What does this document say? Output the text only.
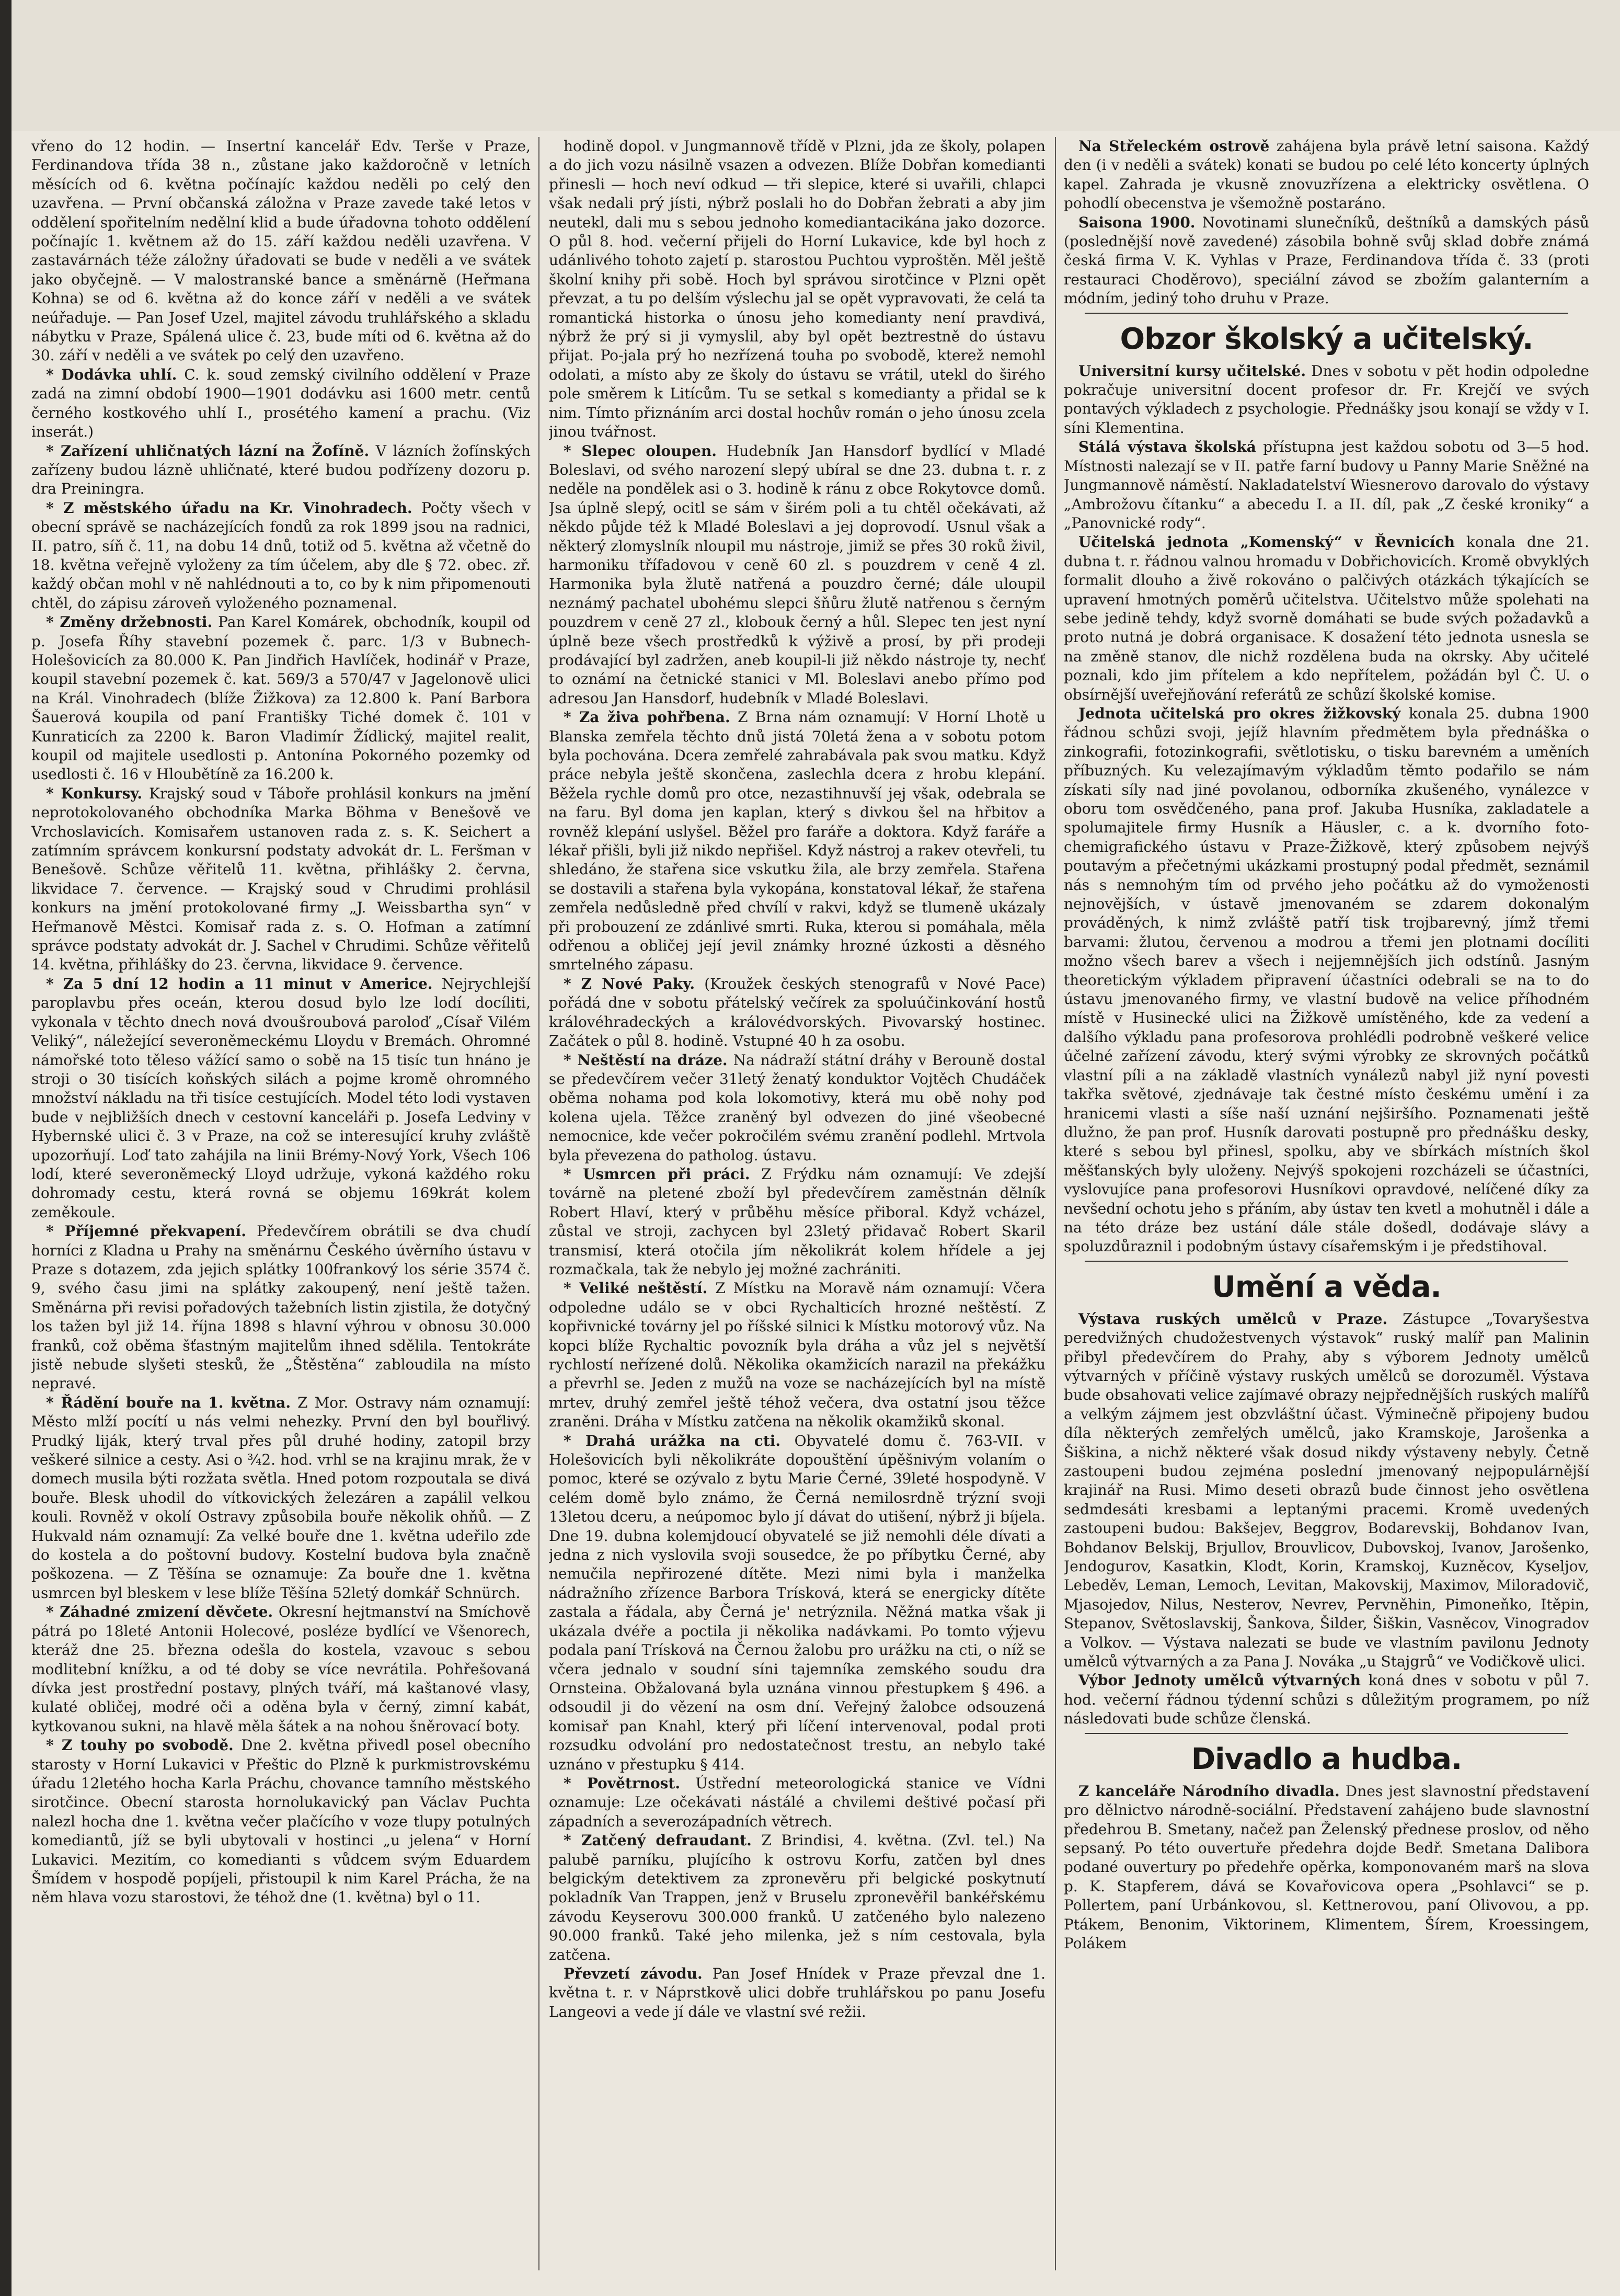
vřeno do 12 hodin. — Insertní kancelář Edv. Terše v Praze, Ferdinandova třída 38 n., zůstane jako každoročně v letních měsících od 6. května počínajíc každou neděli po celý den uzavřena. — První občanská záložna v Praze zavede také letos v oddělení spořitelním nedělní klid a bude úřadovna tohoto oddělení počínajíc 1. květnem až do 15. září každou neděli uzavřena. V zastavárnách téže záložny úřadovati se bude v neděli a ve svátek jako obyčejně. — V malostranské bance a směnárně (Heřmana Kohna) se od 6. května až do konce září v neděli a ve svátek neúřaduje. — Pan Josef Uzel, majitel závodu truhlářského a skladu nábytku v Praze, Spálená ulice č. 23, bude míti od 6. května až do 30. září v neděli a ve svátek po celý den uzavřeno.

* Dodávka uhlí. C. k. soud zemský civilního oddělení v Praze zadá na zimní období 1900—1901 dodávku asi 1600 metr. centů černého kostkového uhlí I., prosétého kamení a prachu. (Viz inserát.)

* Zařízení uhličnatých lázní na Žofíně. V lázních žofínských zařízeny budou lázně uhličnaté, které budou podřízeny dozoru p. dra Preiningra.

* Z městského úřadu na Kr. Vinohradech. Počty všech v obecní správě se nacházejících fondů za rok 1899 jsou na radnici, II. patro, síň č. 11, na dobu 14 dnů, totiž od 5. května až včetně do 18. května veřejně vyloženy za tím účelem, aby dle § 72. obec. zř. každý občan mohl v ně nahlédnouti a to, co by k nim připomenouti chtěl, do zápisu zároveň vyloženého poznamenal.

* Změny držebnosti. Pan Karel Komárek, obchodník, koupil od p. Josefa Říhy stavební pozemek č. parc. 1/3 v Bubnech-Holešovicích za 80.000 K. Pan Jindřich Havlíček, hodinář v Praze, koupil stavební pozemek č. kat. 569/3 a 570/47 v Jagelonově ulici na Král. Vinohradech (blíže Žižkova) za 12.800 k. Paní Barbora Šauerová koupila od paní Františky Tiché domek č. 101 v Kunraticích za 2200 k. Baron Vladimír Žídlický, majitel realit, koupil od majitele usedlosti p. Antonína Pokorného pozemky od usedlosti č. 16 v Hloubětíně za 16.200 k.

* Konkursy. Krajský soud v Táboře prohlásil konkurs na jmění neprotokolovaného obchodníka Marka Böhma v Benešově ve Vrchoslavicích. Komisařem ustanoven rada z. s. K. Seichert a zatímním správcem konkursní podstaty advokát dr. L. Feršman v Benešově. Schůze věřitelů 11. května, přihlášky 2. června, likvidace 7. července. — Krajský soud v Chrudimi prohlásil konkurs na jmění protokolované firmy „J. Weissbartha syn“ v Heřmanově Městci. Komisař rada z. s. O. Hofman a zatímní správce podstaty advokát dr. J. Sachel v Chrudimi. Schůze věřitelů 14. května, přihlášky do 23. června, likvidace 9. července.

* Za 5 dní 12 hodin a 11 minut v Americe. Nejrychlejší paroplavbu přes oceán, kterou dosud bylo lze lodí docíliti, vykonala v těchto dnech nová dvoušroubová paroloď „Císař Vilém Veliký“, náležející severoněmeckému Lloydu v Bremách. Ohromné námořské toto těleso vážící samo o sobě na 15 tisíc tun hnáno je stroji o 30 tisících koňských silách a pojme kromě ohromného množství nákladu na tři tisíce cestujících. Model této lodi vystaven bude v nejbližších dnech v cestovní kanceláři p. Josefa Ledviny v Hybernské ulici č. 3 v Praze, na což se interesující kruhy zvláště upozorňují. Loď tato zahájila na linii Brémy-Nový York, Všech 106 lodí, které severoněmecký Lloyd udržuje, vykoná každého roku dohromady cestu, která rovná se objemu 169krát kolem zeměkoule.

* Příjemné překvapení. Předevčírem obrátili se dva chudí horníci z Kladna u Prahy na směnárnu Českého úvěrního ústavu v Praze s dotazem, zda jejich splátky 100frankový los série 3574 č. 9, svého času jimi na splátky zakoupený, není ještě tažen. Směnárna při revisi pořadových tažebních listin zjistila, že dotyčný los tažen byl již 14. října 1898 s hlavní výhrou v obnosu 30.000 franků, což oběma šťastným majitelům ihned sdělila. Tentokráte jistě nebude slyšeti stesků, že „Štěstěna“ zabloudila na místo nepravé.

* Řádění bouře na 1. května. Z Mor. Ostravy nám oznamují: Město mlží pocítí u nás velmi nehezky. První den byl bouřlivý. Prudký liják, který trval přes půl druhé hodiny, zatopil brzy veškeré silnice a cesty. Asi o ¾2. hod. vrhl se na krajinu mrak, že v domech musila býti rozžata světla. Hned potom rozpoutala se divá bouře. Blesk uhodil do vítkovických železáren a zapálil velkou kouli. Rovněž v okolí Ostravy způsobila bouře několik ohňů. — Z Hukvald nám oznamují: Za velké bouře dne 1. května udeřilo zde do kostela a do poštovní budovy. Kostelní budova byla značně poškozena. — Z Těšína se oznamuje: Za bouře dne 1. května usmrcen byl bleskem v lese blíže Těšína 52letý domkář Schnürch.

* Záhadné zmizení děvčete. Okresní hejtmanství na Smíchově pátrá po 18leté Antonii Holecové, posléze bydlící ve Všenorech, kteráž dne 25. března odešla do kostela, vzavouc s sebou modlitební knížku, a od té doby se více nevrátila. Pohřešovaná dívka jest prostřední postavy, plných tváří, má kaštanové vlasy, kulaté obličej, modré oči a oděna byla v černý, zimní kabát, kytkovanou sukni, na hlavě měla šátek a na nohou šněrovací boty.

* Z touhy po svobodě. Dne 2. května přivedl posel obecního starosty v Horní Lukavici v Přeštic do Plzně k purkmistrovskému úřadu 12letého hocha Karla Práchu, chovance tamního městského sirotčince. Obecní starosta hornolukavický pan Václav Puchta nalezl hocha dne 1. května večer plačícího v voze tlupy potulných komediantů, jíž se byli ubytovali v hostinci „u jelena“ v Horní Lukavici. Mezitím, co komedianti s vůdcem svým Eduardem Šmídem v hospodě popíjeli, přistoupil k nim Karel Prácha, že na něm hlava vozu starostovi, že téhož dne (1. května) byl o 11.

hodině dopol. v Jungmannově třídě v Plzni, jda ze školy, polapen a do jich vozu násilně vsazen a odvezen. Blíže Dobřan komedianti přinesli — hoch neví odkud — tři slepice, které si uvařili, chlapci však nedali prý jísti, nýbrž poslali ho do Dobřan žebrati a aby jim neutekl, dali mu s sebou jednoho komediantacikána jako dozorce. O půl 8. hod. večerní přijeli do Horní Lukavice, kde byl hoch z udánlivého tohoto zajetí p. starostou Puchtou vyproštěn. Měl ještě školní knihy při sobě. Hoch byl správou sirotčince v Plzni opět převzat, a tu po delším výslechu jal se opět vypravovati, že celá ta romantická historka o únosu jeho komedianty není pravdivá, nýbrž že prý si ji vymyslil, aby byl opět beztrestně do ústavu přijat. Po-jala prý ho nezřízená touha po svobodě, kterež nemohl odolati, a místo aby ze školy do ústavu se vrátil, utekl do širého pole směrem k Litícům. Tu se setkal s komedianty a přidal se k nim. Tímto přiznáním arci dostal hochův román o jeho únosu zcela jinou tvářnost.

* Slepec oloupen. Hudebník Jan Hansdorf bydlící v Mladé Boleslavi, od svého narození slepý ubíral se dne 23. dubna t. r. z neděle na pondělek asi o 3. hodině k ránu z obce Rokytovce domů. Jsa úplně slepý, ocitl se sám v širém poli a tu chtěl očekávati, až někdo půjde též k Mladé Boleslavi a jej doprovodí. Usnul však a některý zlomyslník nloupil mu nástroje, jimiž se přes 30 roků živil, harmoniku třífadovou v ceně 60 zl. s pouzdrem v ceně 4 zl. Harmonika byla žlutě natřená a pouzdro černé; dále uloupil neznámý pachatel ubohému slepci šňůru žlutě natřenou s černým pouzdrem v ceně 27 zl., klobouk černý a hůl. Slepec ten jest nyní úplně beze všech prostředků k výživě a prosí, by při prodeji prodávající byl zadržen, aneb koupil-li již někdo nástroje ty, nechť to oznámí na četnické stanici v Ml. Boleslavi anebo přímo pod adresou Jan Hansdorf, hudebník v Mladé Boleslavi.

* Za živa pohřbena. Z Brna nám oznamují: V Horní Lhotě u Blanska zemřela těchto dnů jistá 70letá žena a v sobotu potom byla pochována. Dcera zemřelé zahrabávala pak svou matku. Když práce nebyla ještě skončena, zaslechla dcera z hrobu klepání. Běžela rychle domů pro otce, nezastihnuvší jej však, odebrala se na faru. Byl doma jen kaplan, který s divkou šel na hřbitov a rovněž klepání uslyšel. Běžel pro faráře a doktora. Když faráře a lékař přišli, byli již nikdo nepřišel. Když nástroj a rakev otevřeli, tu shledáno, že stařena sice vskutku žila, ale brzy zemřela. Stařena se dostavili a stařena byla vykopána, konstatoval lékař, že stařena zemřela nedůsledně před chvílí v rakvi, když se tlumeně ukázaly při probouzení ze zdánlivé smrti. Ruka, kterou si pomáhala, měla odřenou a obličej její jevil známky hrozné úzkosti a děsného smrtelného zápasu.

* Z Nové Paky. (Kroužek českých stenografů v Nové Pace) pořádá dne v sobotu přátelský večírek za spoluúčinkování hostů královéhradeckých a královédvorských. Pivovarský hostinec. Začátek o půl 8. hodině. Vstupné 40 h za osobu.

* Neštěstí na dráze. Na nádraží státní dráhy v Berouně dostal se předevčírem večer 31letý ženatý konduktor Vojtěch Chudáček oběma nohama pod kola lokomotivy, která mu obě nohy pod kolena ujela. Těžce zraněný byl odvezen do jiné všeobecné nemocnice, kde večer pokročilém svému zranění podlehl. Mrtvola byla převezena do patholog. ústavu.

* Usmrcen při práci. Z Frýdku nám oznamují: Ve zdejší továrně na pletené zboží byl předevčírem zaměstnán dělník Robert Hlaví, který v průběhu měsíce přiboral. Když vcházel, zůstal ve stroji, zachycen byl 23letý přidavač Robert Skaril transmisí, která otočila jím několikrát kolem hřídele a jej rozmačkala, tak že nebylo jej možné zachrániti.

* Veliké neštěstí. Z Místku na Moravě nám oznamují: Včera odpoledne událo se v obci Rychalticích hrozné neštěstí. Z kopřivnické továrny jel po říšské silnici k Místku motorový vůz. Na kopci blíže Rychaltic povozník byla dráha a vůz jel s největší rychlostí neřízené dolů. Několika okamžicích narazil na překážku a převrhl se. Jeden z mužů na voze se nacházejících byl na místě mrtev, druhý zemřel ještě téhož večera, dva ostatní jsou těžce zraněni. Dráha v Místku zatčena na několik okamžiků skonal.

* Drahá urážka na cti. Obyvatelé domu č. 763-VII. v Holešovicích byli několikráte dopouštění úpěšnivým volaním o pomoc, které se ozývalo z bytu Marie Černé, 39leté hospodyně. V celém domě bylo známo, že Černá nemilosrdně trýzní svoji 13letou dceru, a neúpomoc bylo jí dávat do utišení, nýbrž ji bíjela. Dne 19. dubna kolemjdoucí obyvatelé se již nemohli déle dívati a jedna z nich vyslovila svoji sousedce, že po příbytku Černé, aby nemučila nepřirozené dítěte. Mezi nimi byla i manželka nádražního zřízence Barbora Trísková, která se energicky dítěte zastala a řádala, aby Černá je' netrýznila. Něžná matka však ji ukázala dvéře a poctila ji několika nadávkami. Po tomto výjevu podala paní Trísková na Černou žalobu pro urážku na cti, o níž se včera jednalo v soudní síni tajemníka zemského soudu dra Ornsteina. Obžalovaná byla uznána vinnou přestupkem § 496. a odsoudil ji do vězení na osm dní. Veřejný žalobce odsouzená komisař pan Knahl, který při líčení intervenoval, podal proti rozsudku odvolání pro nedostatečnost trestu, an nebylo také uznáno v přestupku § 414.

* Povětrnost. Ústřední meteorologická stanice ve Vídni oznamuje: Lze očekávati nástálé a chvilemi deštivé počasí při západních a severozápadních větrech.

* Zatčený defraudant. Z Brindisi, 4. května. (Zvl. tel.) Na palubě parníku, plujícího k ostrovu Korfu, zatčen byl dnes belgickým detektivem za zpronevěru při belgické poskytnutí pokladník Van Trappen, jenž v Bruselu zpronevěřil bankéřskému závodu Keyserovu 300.000 franků. U zatčeného bylo nalezeno 90.000 franků. Také jeho milenka, jež s ním cestovala, byla zatčena.

Převzetí závodu. Pan Josef Hnídek v Praze převzal dne 1. května t. r. v Náprstkově ulici dobře truhlářskou po panu Josefu Langeovi a vede jí dále ve vlastní své režii.

Na Střeleckém ostrově zahájena byla právě letní saisona. Každý den (i v neděli a svátek) konati se budou po celé léto koncerty úplných kapel. Zahrada je vkusně znovuzřízena a elektricky osvětlena. O pohodlí obecenstva je všemožně postaráno.

Saisona 1900. Novotinami slunečníků, deštníků a damských pásů (poslednější nově zavedené) zásobila bohně svůj sklad dobře známá česká firma V. K. Vyhlas v Praze, Ferdinandova třída č. 33 (proti restauraci Choděrovo), speciální závod se zbožím galanterním a módním, jediný toho druhu v Praze.

Obzor školský a učitelský.

Universitní kursy učitelské. Dnes v sobotu v pět hodin odpoledne pokračuje universitní docent profesor dr. Fr. Krejčí ve svých pontavých výkladech z psychologie. Přednášky jsou konají se vždy v I. síni Klementina.

Stálá výstava školská přístupna jest každou sobotu od 3—5 hod. Místnosti nalezají se v II. patře farní budovy u Panny Marie Sněžné na Jungmannově náměstí. Nakladatelství Wiesnerovo darovalo do výstavy „Ambrožovu čítanku“ a abecedu I. a II. díl, pak „Z české kroniky“ a „Panovnické rody“.

Učitelská jednota „Komenský“ v Řevnicích konala dne 21. dubna t. r. řádnou valnou hromadu v Dobřichovicích. Kromě obvyklých formalit dlouho a živě rokováno o palčivých otázkách týkajících se upravení hmotných poměrů učitelstva. Učitelstvo může spolehati na sebe jedině tehdy, když svorně domáhati se bude svých požadavků a proto nutná je dobrá organisace. K dosažení této jednota usnesla se na změně stanov, dle nichž rozdělena buda na okrsky. Aby učitelé poznali, kdo jim přítelem a kdo nepřítelem, požádán byl Č. U. o obsírnější uveřejňování referátů ze schůzí školské komise.

Jednota učitelská pro okres žižkovský konala 25. dubna 1900 řádnou schůzi svoji, jejíž hlavním předmětem byla přednáška o zinkografii, fotozinkografii, světlotisku, o tisku barevném a uměních příbuzných. Ku velezajímavým výkladům těmto podařilo se nám získati síly nad jiné povolanou, odborníka zkušeného, vynálezce v oboru tom osvědčeného, pana prof. Jakuba Husníka, zakladatele a spolumajitele firmy Husník a Häusler, c. a k. dvorního foto-chemigrafického ústavu v Praze-Žižkově, který způsobem nejvýš poutavým a přečetnými ukázkami prostupný podal předmět, seznámil nás s nemnohým tím od prvého jeho počátku až do vymoženosti nejnovějších, v ústavě jmenovaném se zdarem dokonalým prováděných, k nimž zvláště patří tisk trojbarevný, jímž třemi barvami: žlutou, červenou a modrou a třemi jen plotnami docíliti možno všech barev a všech i nejjemnějších jich odstínů. Jasným theoretickým výkladem připravení účastníci odebrali se na to do ústavu jmenovaného firmy, ve vlastní budově na velice příhodném místě v Husinecké ulici na Žižkově umístěného, kde za vedení a dalšího výkladu pana profesorova prohlédli podrobně veškeré velice účelné zařízení závodu, který svými výrobky ze skrovných počátků vlastní píli a na základě vlastních vynálezů nabyl již nyní povesti takřka světové, zjednávaje tak čestné místo českému umění i za hranicemi vlasti a síše naší uznání nejširšího. Poznamenati ještě dlužno, že pan prof. Husník darovati postupně pro přednášku desky, které s sebou byl přinesl, spolku, aby ve sbírkách místních škol měšťanských byly uloženy. Nejvýš spokojeni rozcházeli se účastníci, vyslovujíce pana profesorovi Husníkovi opravdové, nelíčené díky za nevšední ochotu jeho s přáním, aby ústav ten kvetl a mohutněl i dále a na této dráze bez ustání dále stále došedl, dodávaje slávy a spoluzdůraznil i podobným ústavy císařemským i je předstihoval.

Umění a věda.

Výstava ruských umělců v Praze. Zástupce „Tovaryšestva peredvižných chudožestvenych výstavok“ ruský malíř pan Malinin přibyl předevčírem do Prahy, aby s výborem Jednoty umělců výtvarných v příčině výstavy ruských umělců se dorozuměl. Výstava bude obsahovati velice zajímavé obrazy nejpřednějších ruských malířů a velkým zájmem jest obzvláštní účast. Výminečně připojeny budou díla některých zemřelých umělců, jako Kramskoje, Jarošenka a Šiškina, a nichž některé však dosud nikdy výstaveny nebyly. Četně zastoupeni budou zejména poslední jmenovaný nejpopulárnější krajinář na Rusi. Mimo deseti obrazů bude činnost jeho osvětlena sedmdesáti kresbami a leptanými pracemi. Kromě uvedených zastoupeni budou: Bakšejev, Beggrov, Bodarevskij, Bohdanov Ivan, Bohdanov Belskij, Brjullov, Brouvlicov, Dubovskoj, Ivanov, Jarošenko, Jendogurov, Kasatkin, Klodt, Korin, Kramskoj, Kuzněcov, Kyseljov, Lebeděv, Leman, Lemoch, Levitan, Makovskij, Maximov, Miloradovič, Mjasojedov, Nilus, Nesterov, Nevrev, Pervněhin, Pimoneňko, Itěpin, Stepanov, Světoslavskij, Šankova, Šilder, Šiškin, Vasněcov, Vinogradov a Volkov. — Výstava nalezati se bude ve vlastním pavilonu Jednoty umělců výtvarných a za Pana J. Nováka „u Stajgrů“ ve Vodičkově ulici.

Výbor Jednoty umělců výtvarných koná dnes v sobotu v půl 7. hod. večerní řádnou týdenní schůzi s důležitým programem, po níž následovati bude schůze členská.

Divadlo a hudba.

Z kanceláře Národního divadla. Dnes jest slavnostní představení pro dělnictvo národně-sociální. Představení zahájeno bude slavnostní předehrou B. Smetany, načež pan Želenský přednese proslov, od něho sepsaný. Po této ouvertuře předehra dojde Bedř. Smetana Dalibora podané ouvertury po předehře opěrka, komponovaném marš na slova p. K. Stapferem, dává se Kovařovicova opera „Psohlavci“ se p. Pollertem, paní Urbánkovou, sl. Kettnerovou, paní Olivovou, a pp. Ptákem, Benonim, Viktorinem, Klimentem, Šírem, Kroessingem, Polákem
